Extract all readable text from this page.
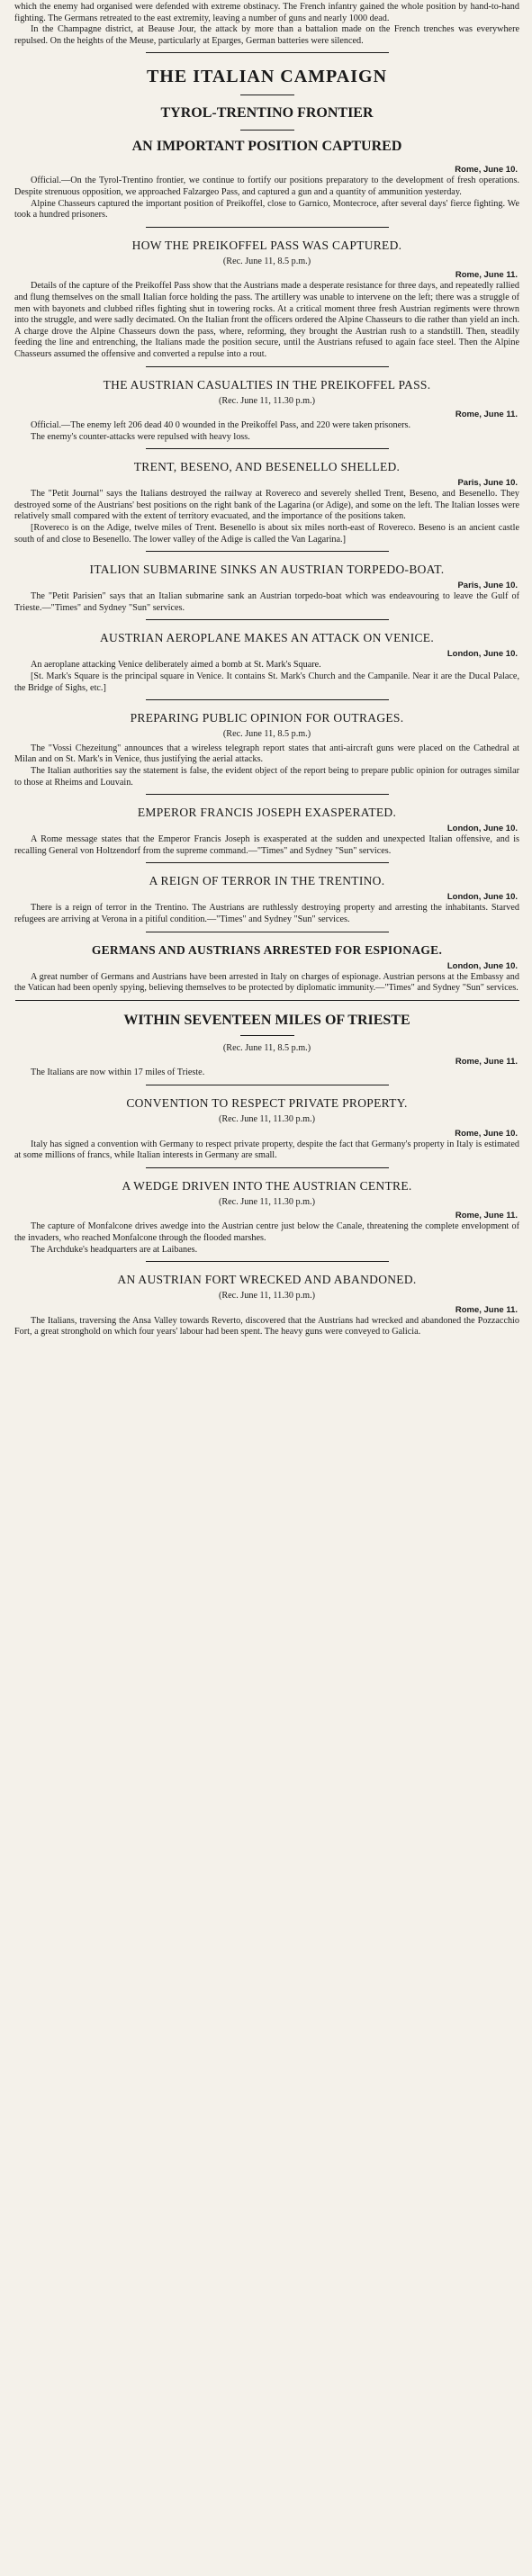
which the enemy had organised were defended with extreme obstinacy. The French infantry gained the whole position by hand-to-hand fighting. The Germans retreated to the east extremity, leaving a number of guns and nearly 1000 dead.

In the Champagne district, at Beause Jour, the attack by more than a battalion made on the French trenches was everywhere repulsed. On the heights of the Meuse, particularly at Eparges, German batteries were silenced.

THE ITALIAN CAMPAIGN
TYROL-TRENTINO FRONTIER
AN IMPORTANT POSITION CAPTURED
Rome, June 10.

Official.—On the Tyrol-Trentino frontier, we continue to fortify our positions preparatory to the development of fresh operations. Despite strenuous opposition, we approached Falzargeo Pass, and captured a gun and a quantity of ammunition yesterday.

Alpine Chasseurs captured the important position of Preikoffel, close to Garnico, Montecroce, after several days' fierce fighting. We took a hundred prisoners.

HOW THE PREIKOFFEL PASS WAS CAPTURED.
(Rec. June 11, 8.5 p.m.)
Rome, June 11.

Details of the capture of the Preikoffel Pass show that the Austrians made a desperate resistance for three days, and repeatedly rallied and flung themselves on the small Italian force holding the pass. The artillery was unable to intervene on the left; there was a struggle of men with bayonets and clubbed rifles fighting shut in towering rocks. At a critical moment three fresh Austrian regiments were thrown into the struggle, and were sadly decimated. On the Italian front the officers ordered the Alpine Chasseurs to die rather than yield an inch. A charge drove the Alpine Chasseurs down the pass, where, reforming, they brought the Austrian rush to a standstill. Then, steadily feeding the line and entrenching, the Italians made the position secure, until the Austrians refused to again face steel. Then the Alpine Chasseurs assumed the offensive and converted a repulse into a rout.

THE AUSTRIAN CASUALTIES IN THE PREIKOFFEL PASS.
(Rec. June 11, 11.30 p.m.)
Rome, June 11.

Official.—The enemy left 206 dead 40 0 wounded in the Preikoffel Pass, and 220 were taken prisoners.

The enemy's counter-attacks were repulsed with heavy loss.

TRENT, BESENO, AND BESENELLO SHELLED.
Paris, June 10.

The "Petit Journal" says the Italians destroyed the railway at Rovereco and severely shelled Trent, Beseno, and Besenello. They destroyed some of the Austrians' best positions on the right bank of the Lagarina (or Adige), and some on the left. The Italian losses were relatively small compared with the extent of territory evacuated, and the importance of the positions taken.

[Rovereco is on the Adige, twelve miles of Trent. Besenello is about six miles north-east of Rovereco. Beseno is an ancient castle south of and close to Besenello. The lower valley of the Adige is called the Van Lagarina.]

ITALION SUBMARINE SINKS AN AUSTRIAN TORPEDO-BOAT.
Paris, June 10.

The "Petit Parisien" says that an Italian submarine sank an Austrian torpedo-boat which was endeavouring to leave the Gulf of Trieste.—"Times" and Sydney "Sun" services.

AUSTRIAN AEROPLANE MAKES AN ATTACK ON VENICE.
London, June 10.

An aeroplane attacking Venice deliberately aimed a bomb at St. Mark's Square.

[St. Mark's Square is the principal square in Venice. It contains St. Mark's Church and the Campanile. Near it are the Ducal Palace, the Bridge of Sighs, etc.]

PREPARING PUBLIC OPINION FOR OUTRAGES.
(Rec. June 11, 8.5 p.m.)

The "Vossi Chezeitung" announces that a wireless telegraph report states that anti-aircraft guns were placed on the Cathedral at Milan and on St. Mark's in Venice, thus justifying the aerial attacks.

The Italian authorities say the statement is false, the evident object of the report being to prepare public opinion for outrages similar to those at Rheims and Louvain.

EMPEROR FRANCIS JOSEPH EXASPERATED.
London, June 10.

A Rome message states that the Emperor Francis Joseph is exasperated at the sudden and unexpected Italian offensive, and is recalling General von Holtzendorf from the supreme command.—"Times" and Sydney "Sun" services.

A REIGN OF TERROR IN THE TRENTINO.
London, June 10.

There is a reign of terror in the Trentino. The Austrians are ruthlessly destroying property and arresting the inhabitants. Starved refugees are arriving at Verona in a pitiful condition.—"Times" and Sydney "Sun" services.

GERMANS AND AUSTRIANS ARRESTED FOR ESPIONAGE.
London, June 10.

A great number of Germans and Austrians have been arrested in Italy on charges of espionage. Austrian persons at the Embassy and the Vatican had been openly spying, believing themselves to be protected by diplomatic immunity.—"Times" and Sydney "Sun" services.

WITHIN SEVENTEEN MILES OF TRIESTE
(Rec. June 11, 8.5 p.m.)
Rome, June 11.

The Italians are now within 17 miles of Trieste.

CONVENTION TO RESPECT PRIVATE PROPERTY.
(Rec. June 11, 11.30 p.m.)
Rome, June 10.

Italy has signed a convention with Germany to respect private property, despite the fact that Germany's property in Italy is estimated at some millions of francs, while Italian interests in Germany are small.

A WEDGE DRIVEN INTO THE AUSTRIAN CENTRE.
(Rec. June 11, 11.30 p.m.)
Rome, June 11.

The capture of Monfalcone drives awedge into the Austrian centre just below the Canale, threatening the complete envelopment of the invaders, who reached Monfalcone through the flooded marshes.

The Archduke's headquarters are at Laibanes.

AN AUSTRIAN FORT WRECKED AND ABANDONED.
(Rec. June 11, 11.30 p.m.)
Rome, June 11.

The Italians, traversing the Ansa Valley towards Reverto, discovered that the Austrians had wrecked and abandoned the Pozzacchio Fort, a great stronghold on which four years' labour had been spent. The heavy guns were conveyed to Galicia.
